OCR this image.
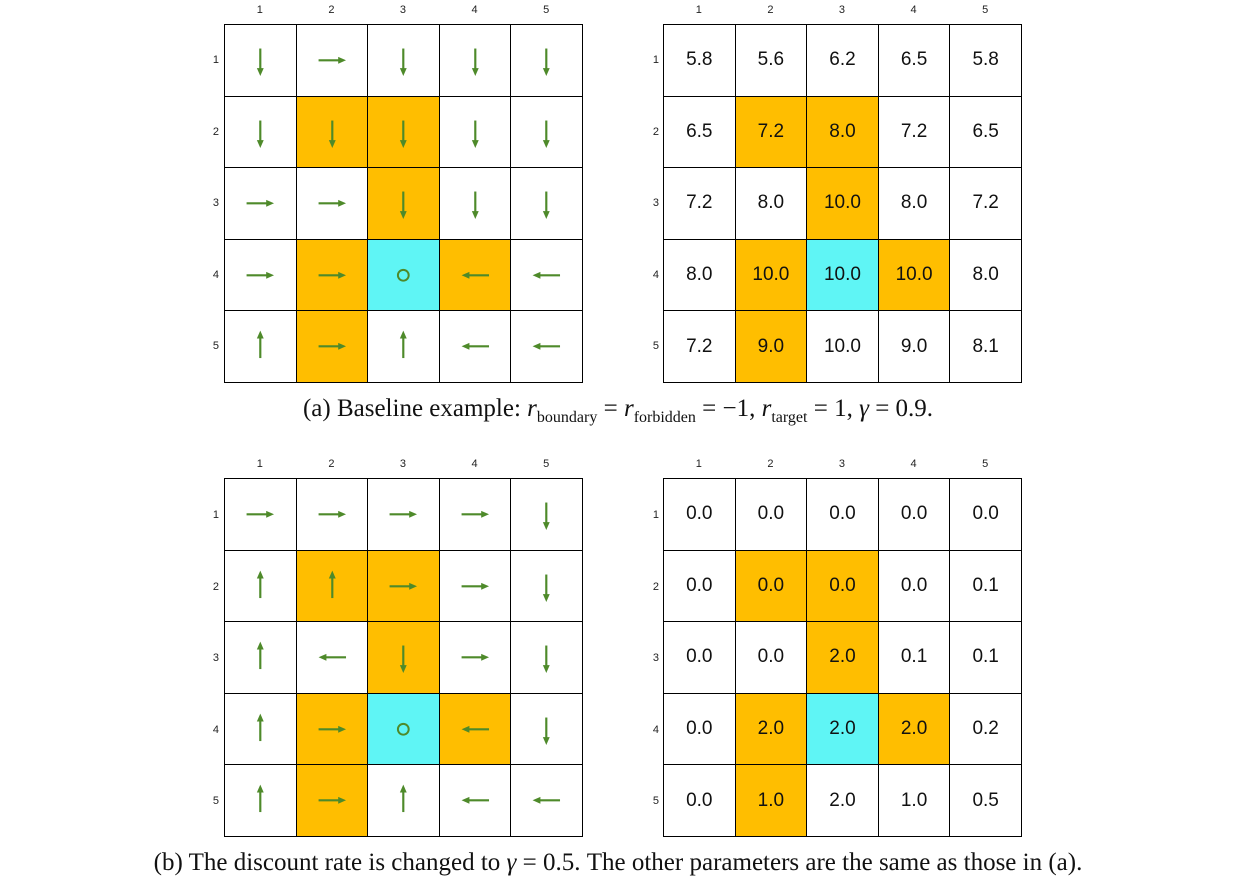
1	2	3	4	5
1
2
3
4
5
1	2	3	4	5
1
2
3
4
5
5.8 5.6 6.2 6.5 5.8
6.5 7.2 8.0 7.2 6.5
7.2 8.0 10.0 8.0 7.2
8.0 10.0 10.0 10.0 8.0
7.2 9.0 10.0 9.0 8.1
(a) Baseline example: $r_{boundary} = r_{forbidden} = -1$, $r_{target} = 1$, γ = 0.9.
1	2	3	4	5
1
2
3
4
5
1	2	3	4	5
1
2
3
4
5
0.0 0.0 0.0 0.0 0.0
0.0 0.0 0.0 0.0 0.1
0.0 0.0 2.0 0.1 0.1
0.0 2.0 2.0 2.0 0.2
0.0 1.0 2.0 1.0 0.5
(b) The discount rate is changed to γ = 0.5. The other parameters are the same as those in (a).
